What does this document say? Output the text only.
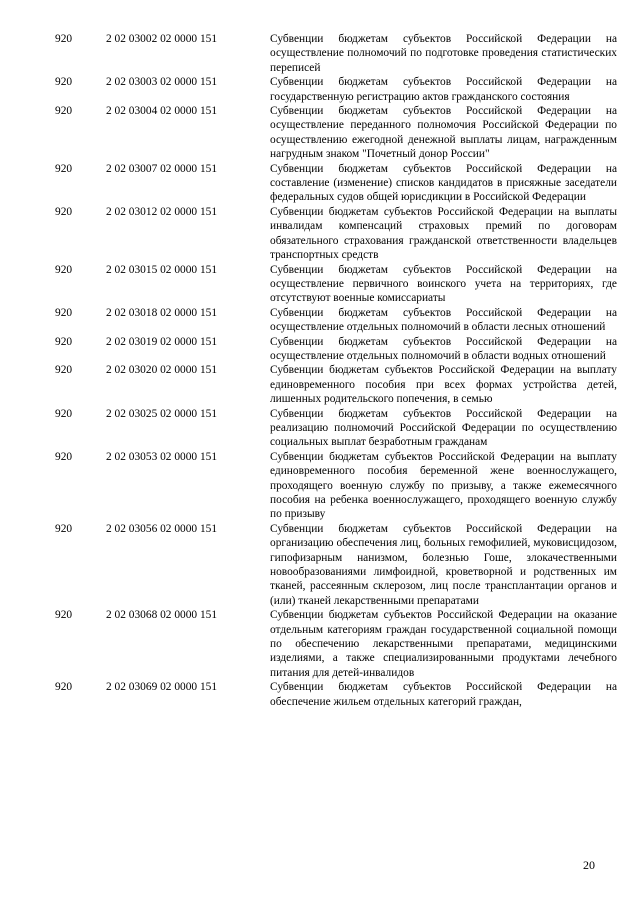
920	2 02 03002 02 0000 151	Субвенции бюджетам субъектов Российской Федерации на осуществление полномочий по подготовке проведения статистических переписей
920	2 02 03003 02 0000 151	Субвенции бюджетам субъектов Российской Федерации на государственную регистрацию актов гражданского состояния
920	2 02 03004 02 0000 151	Субвенции бюджетам субъектов Российской Федерации на осуществление переданного полномочия Российской Федерации по осуществлению ежегодной денежной выплаты лицам, награжденным нагрудным знаком "Почетный донор России"
920	2 02 03007 02 0000 151	Субвенции бюджетам субъектов Российской Федерации на составление (изменение) списков кандидатов в присяжные заседатели федеральных судов общей юрисдикции в Российской Федерации
920	2 02 03012 02 0000 151	Субвенции бюджетам субъектов Российской Федерации на выплаты инвалидам компенсаций страховых премий по договорам обязательного страхования гражданской ответственности владельцев транспортных средств
920	2 02 03015 02 0000 151	Субвенции бюджетам субъектов Российской Федерации на осуществление первичного воинского учета на территориях, где отсутствуют военные комиссариаты
920	2 02 03018 02 0000 151	Субвенции бюджетам субъектов Российской Федерации на осуществление отдельных полномочий в области лесных отношений
920	2 02 03019 02 0000 151	Субвенции бюджетам субъектов Российской Федерации на осуществление отдельных полномочий в области водных отношений
920	2 02 03020 02 0000 151	Субвенции бюджетам субъектов Российской Федерации на выплату единовременного пособия при всех формах устройства детей, лишенных родительского попечения, в семью
920	2 02 03025 02 0000 151	Субвенции бюджетам субъектов Российской Федерации на реализацию полномочий Российской Федерации по осуществлению социальных выплат безработным гражданам
920	2 02 03053 02 0000 151	Субвенции бюджетам субъектов Российской Федерации на выплату единовременного пособия беременной жене военнослужащего, проходящего военную службу по призыву, а также ежемесячного пособия на ребенка военнослужащего, проходящего военную службу по призыву
920	2 02 03056 02 0000 151	Субвенции бюджетам субъектов Российской Федерации на организацию обеспечения лиц, больных гемофилией, муковисцидозом, гипофизарным нанизмом, болезнью Гоше, злокачественными новообразованиями лимфоидной, кроветворной и родственных им тканей, рассеянным склерозом, лиц после трансплантации органов и (или) тканей лекарственными препаратами
920	2 02 03068 02 0000 151	Субвенции бюджетам субъектов Российской Федерации на оказание отдельным категориям граждан государственной социальной помощи по обеспечению лекарственными препаратами, медицинскими изделиями, а также специализированными продуктами лечебного питания для детей-инвалидов
920	2 02 03069 02 0000 151	Субвенции бюджетам субъектов Российской Федерации на обеспечение жильем отдельных категорий граждан,
20
